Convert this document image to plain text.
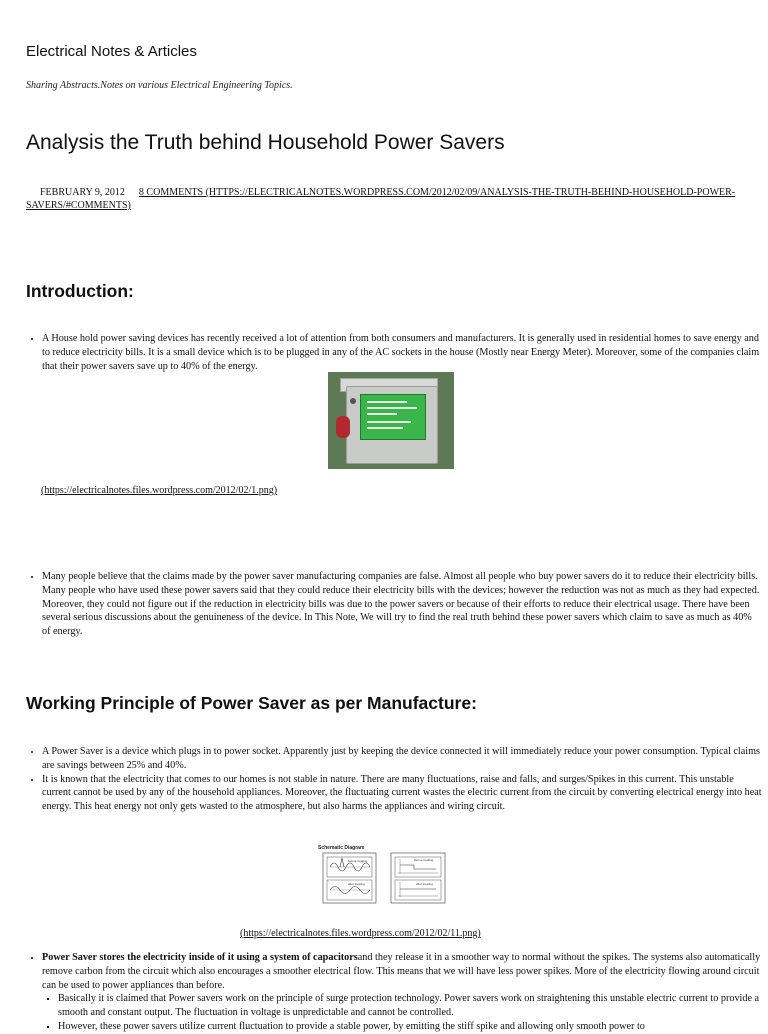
Electrical Notes & Articles
Sharing Abstracts.Notes on various Electrical Engineering Topics.
Analysis the Truth behind Household Power Savers
FEBRUARY 9, 2012 8 COMMENTS (HTTPS://ELECTRICALNOTES.WORDPRESS.COM/2012/02/09/ANALYSIS-THE-TRUTH-BEHIND-HOUSEHOLD-POWER-SAVERS/#COMMENTS)
Introduction:
• A House hold power saving devices has recently received a lot of attention from both consumers and manufacturers. It is generally used in residential homes to save energy and to reduce electricity bills. It is a small device which is to be plugged in any of the AC sockets in the house (Mostly near Energy Meter). Moreover, some of the companies claim that their power savers save up to 40% of the energy.
(https://electricalnotes.files.wordpress.com/2012/02/1.png)
• Many people believe that the claims made by the power saver manufacturing companies are false. Almost all people who buy power savers do it to reduce their electricity bills. Many people who have used these power savers said that they could reduce their electricity bills with the devices; however the reduction was not as much as they had expected. Moreover, they could not figure out if the reduction in electricity bills was due to the power savers or because of their efforts to reduce their electrical usage. There have been several serious discussions about the genuineness of the device. In This Note, We will try to find the real truth behind these power savers which claim to save as much as 40% of energy.
Working Principle of Power Saver as per Manufacture:
• A Power Saver is a device which plugs in to power socket. Apparently just by keeping the device connected it will immediately reduce your power consumption. Typical claims are savings between 25% and 40%.
• It is known that the electricity that comes to our homes is not stable in nature. There are many fluctuations, raise and falls, and surges/Spikes in this current. This unstable current cannot be used by any of the household appliances. Moreover, the fluctuating current wastes the electric current from the circuit by converting electrical energy into heat energy. This heat energy not only gets wasted to the atmosphere, but also harms the appliances and wiring circuit.
Schematic Diagram
before treating
after treating
before treating
after treating
(https://electricalnotes.files.wordpress.com/2012/02/11.png)
• Power Saver stores the electricity inside of it using a system of capacitorsand they release it in a smoother way to normal without the spikes. The systems also automatically remove carbon from the circuit which also encourages a smoother electrical flow. This means that we will have less power spikes. More of the electricity flowing around circuit can be used to power appliances than before.
▪ Basically it is claimed that Power savers work on the principle of surge protection technology. Power savers work on straightening this unstable electric current to provide a smooth and constant output. The fluctuation in voltage is unpredictable and cannot be controlled.
▪ However, these power savers utilize current fluctuation to provide a stable power, by emitting the stiff spike and allowing only smooth power to
